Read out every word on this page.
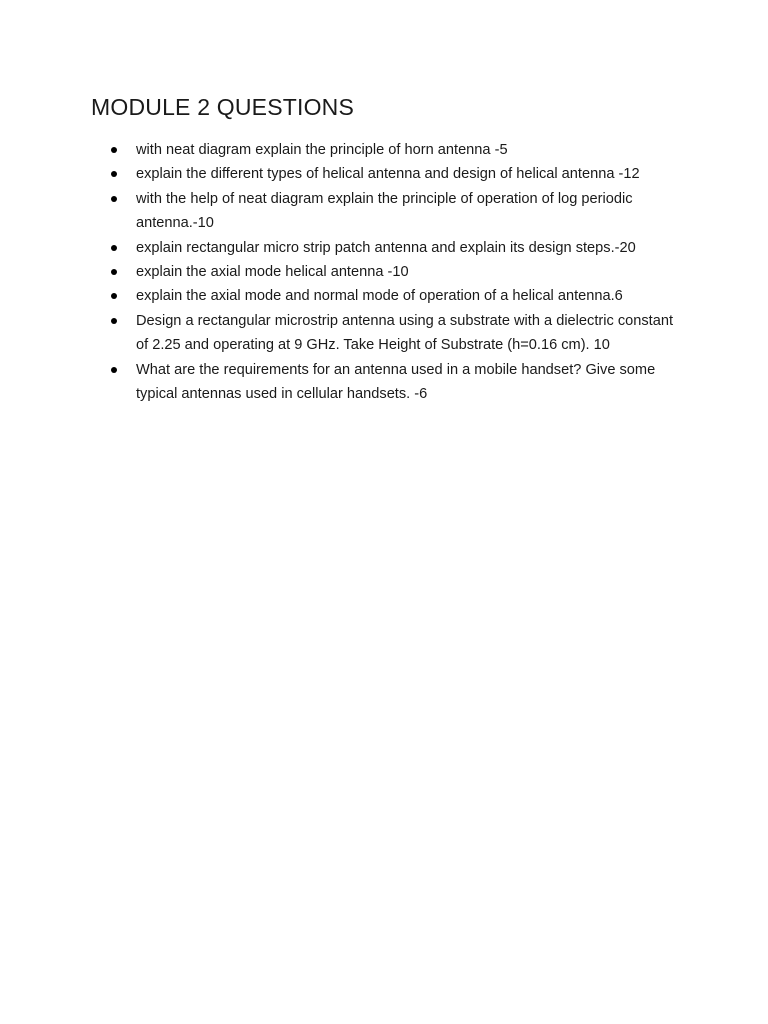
MODULE 2 QUESTIONS
with neat diagram explain the principle of horn antenna -5
explain the different types of helical antenna and design of helical antenna -12
with the help of neat diagram explain the principle of operation of log periodic antenna.-10
explain rectangular micro strip patch antenna and explain its design steps.-20
explain the axial mode helical antenna -10
explain the axial mode and normal mode of operation of a helical antenna.6
Design a rectangular microstrip antenna using a substrate with a dielectric constant of 2.25 and operating at 9 GHz. Take Height of Substrate (h=0.16 cm). 10
What are the requirements for an antenna used in a mobile handset? Give some typical antennas used in cellular handsets. -6
